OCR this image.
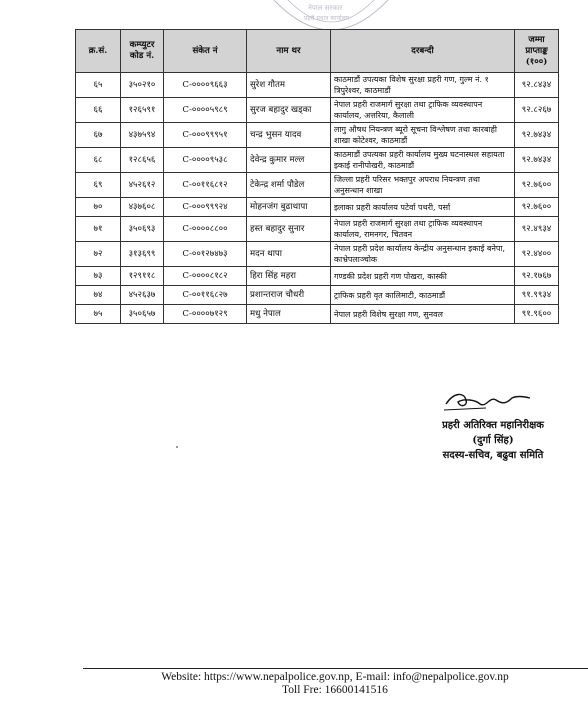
नेपाल सरकार
प्रहरी प्रधान कार्यालय
क्र.सं.	कम्प्युटर कोड नं.	संकेत नं	नाम थर	दरबन्दी	जम्मा प्राप्ताङ्क (१००)
६५	३५०२१०	C-००००९६६३	सुरेश गौतम	काठमाडौं उपत्यका विशेष सुरक्षा प्रहरी गण, गुल्म नं. १ त्रिपुरेश्वर, काठमाडौं	९२.८४३४
६६	१२६५९१	C-००००५९८९	सुरज बहादुर खड्का	नेपाल प्रहरी राजमार्ग सुरक्षा तथा ट्राफिक व्यवस्थापन कार्यालय, अत्तरिया, कैलाली	९२.८२६७
६७	४३७५९४	C-०००९९९५१	चन्द्र भुसन यादव	लागु औषध नियन्त्रण ब्यूरो सूचना विश्लेषण तथा कारबाही शाखा कोटेश्वर, काठमाडौं	९२.७४३४
६८	१२८६५६	C-००००९५३८	देवेन्द्र कुमार मल्ल	काठमाडौं उपत्यका प्रहरी कार्यालय मुख्य घटनास्थल सहायता इकाई रानीपोखरी, काठमाडौं	९२.७४३४
६९	४५२६१२	C-००११६८१२	टेकेन्द्र शर्मा पौडेल	जिल्ला प्रहरी परिसर भक्तपुर अपराध नियन्त्रण तथा अनुसन्धान शाखा	९२.७६००
७०	४३७६०८	C-०००९९९२४	मोहनजंग बुढाथापा	इलाका प्रहरी कार्यालय पटेर्वा पथरी, पर्सा	९२.७६००
७१	३५०६९३	C-००००८८००	हस्त बहादुर सुनार	नेपाल प्रहरी राजमार्ग सुरक्षा तथा ट्राफिक व्यवस्थापन कार्यालय, रामनगर, चितवन	९२.४९३४
७२	३१३६९९	C-००१२७४७३	मदन थापा	नेपाल प्रहरी प्रदेश कार्यालय केन्द्रीय अनुसन्धान इकाई बनेपा, काभ्रेपलाञ्चोक	९२.४४००
७३	१२९११८	C-००००८१८२	हिरा सिंह महरा	गण्डकी प्रदेश प्रहरी गण पोखरा, कास्की	९२.१७६७
७४	४५२६३७	C-००११६८२७	प्रशान्तराज चौधरी	ट्राफिक प्रहरी वृत कालिमाटी, काठमाडौं	९१.९९३४
७५	३५०६५७	C-००००७१२९	मधु नेपाल	नेपाल प्रहरी विशेष सुरक्षा गण, सुनवल	९१.९६००
प्रहरी अतिरिक्त महानिरीक्षक
(दुर्गा सिंह)
सदस्य-सचिव, बढुवा समिति
Website: https://www.nepalpolice.gov.np, E-mail: info@nepalpolice.gov.np
Toll Fre: 16600141516
